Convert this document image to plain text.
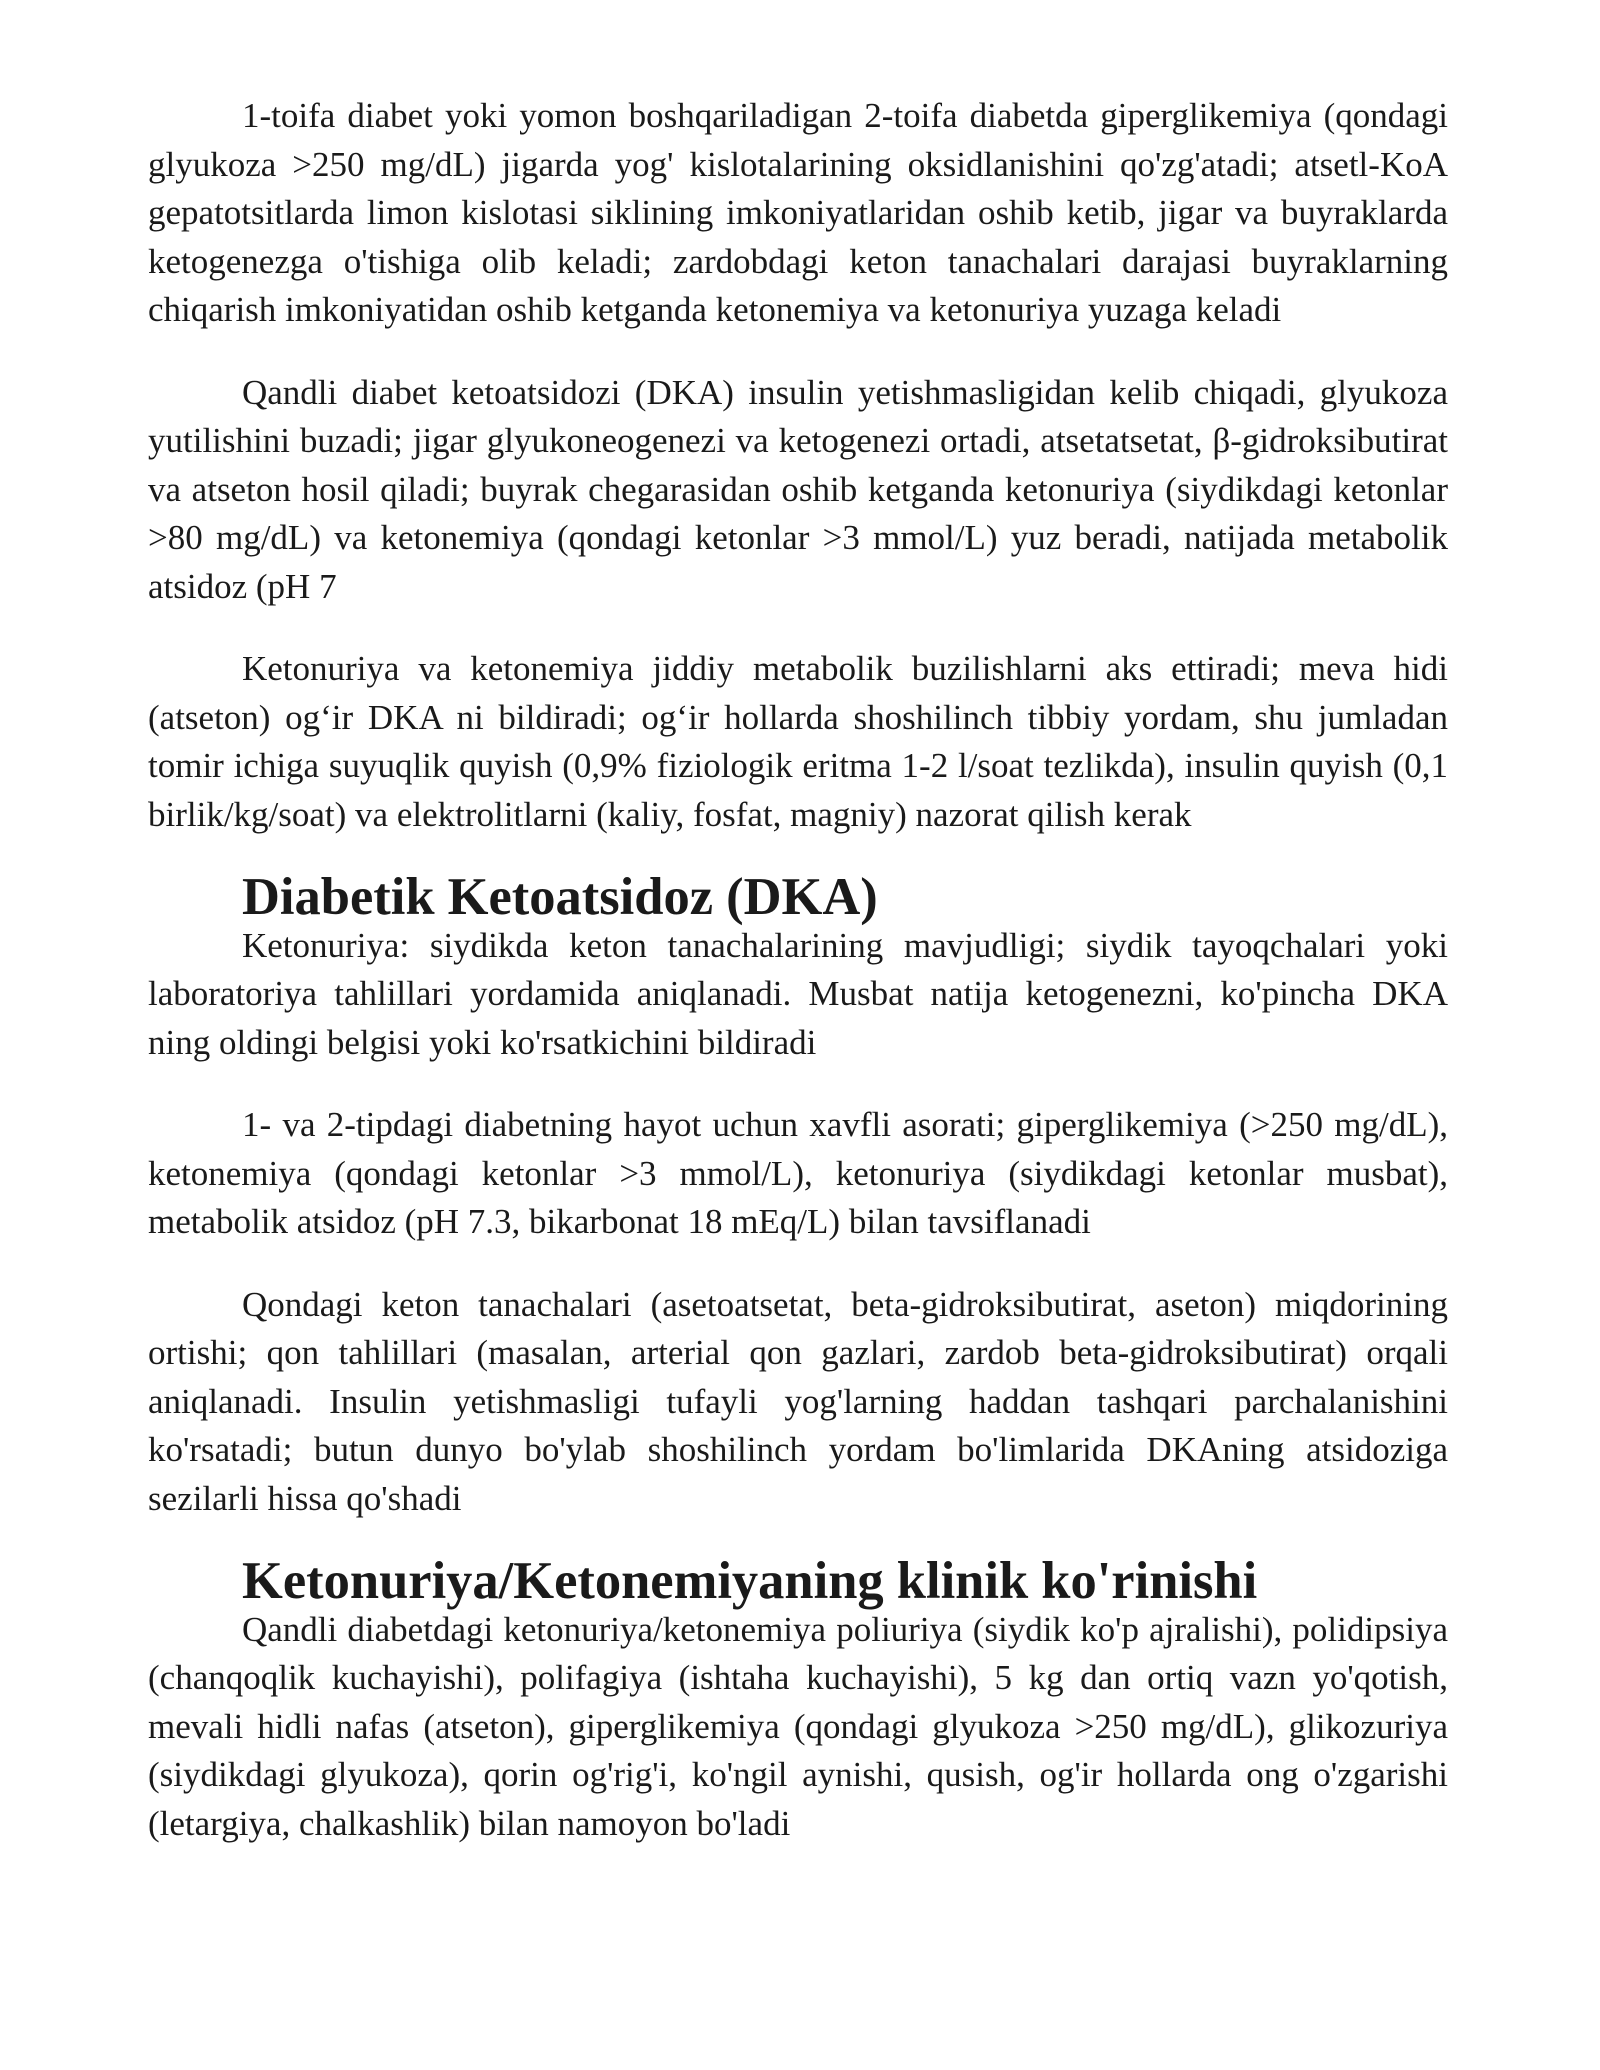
1-toifa diabet yoki yomon boshqariladigan 2-toifa diabetda giperglikemiya (qondagi glyukoza >250 mg/dL) jigarda yog' kislotalarining oksidlanishini qo'zg'atadi; atsetl-KoA gepatotsitlarda limon kislotasi siklining imkoniyatlaridan oshib ketib, jigar va buyraklarda ketogenezga o'tishiga olib keladi; zardobdagi keton tanachalari darajasi buyraklarning chiqarish imkoniyatidan oshib ketganda ketonemiya va ketonuriya yuzaga keladi

Qandli diabet ketoatsidozi (DKA) insulin yetishmasligidan kelib chiqadi, glyukoza yutilishini buzadi; jigar glyukoneogenezi va ketogenezi ortadi, atsetatsetat, β-gidroksibutirat va atseton hosil qiladi; buyrak chegarasidan oshib ketganda ketonuriya (siydikdagi ketonlar >80 mg/dL) va ketonemiya (qondagi ketonlar >3 mmol/L) yuz beradi, natijada metabolik atsidoz (pH 7

Ketonuriya va ketonemiya jiddiy metabolik buzilishlarni aks ettiradi; meva hidi (atseton) og‘ir DKA ni bildiradi; og‘ir hollarda shoshilinch tibbiy yordam, shu jumladan tomir ichiga suyuqlik quyish (0,9% fiziologik eritma 1-2 l/soat tezlikda), insulin quyish (0,1 birlik/kg/soat) va elektrolitlarni (kaliy, fosfat, magniy) nazorat qilish kerak

Diabetik Ketoatsidoz (DKA)

Ketonuriya: siydikda keton tanachalarining mavjudligi; siydik tayoqchalari yoki laboratoriya tahlillari yordamida aniqlanadi. Musbat natija ketogenezni, ko'pincha DKA ning oldingi belgisi yoki ko'rsatkichini bildiradi

1- va 2-tipdagi diabetning hayot uchun xavfli asorati; giperglikemiya (>250 mg/dL), ketonemiya (qondagi ketonlar >3 mmol/L), ketonuriya (siydikdagi ketonlar musbat), metabolik atsidoz (pH 7.3, bikarbonat 18 mEq/L) bilan tavsiflanadi

Qondagi keton tanachalari (asetoatsetat, beta-gidroksibutirat, aseton) miqdorining ortishi; qon tahlillari (masalan, arterial qon gazlari, zardob beta-gidroksibutirat) orqali aniqlanadi. Insulin yetishmasligi tufayli yog'larning haddan tashqari parchalanishini ko'rsatadi; butun dunyo bo'ylab shoshilinch yordam bo'limlarida DKAning atsidoziga sezilarli hissa qo'shadi

Ketonuriya/Ketonemiyaning klinik ko'rinishi

Qandli diabetdagi ketonuriya/ketonemiya poliuriya (siydik ko'p ajralishi), polidipsiya (chanqoqlik kuchayishi), polifagiya (ishtaha kuchayishi), 5 kg dan ortiq vazn yo'qotish, mevali hidli nafas (atseton), giperglikemiya (qondagi glyukoza >250 mg/dL), glikozuriya (siydikdagi glyukoza), qorin og'rig'i, ko'ngil aynishi, qusish, og'ir hollarda ong o'zgarishi (letargiya, chalkashlik) bilan namoyon bo'ladi
